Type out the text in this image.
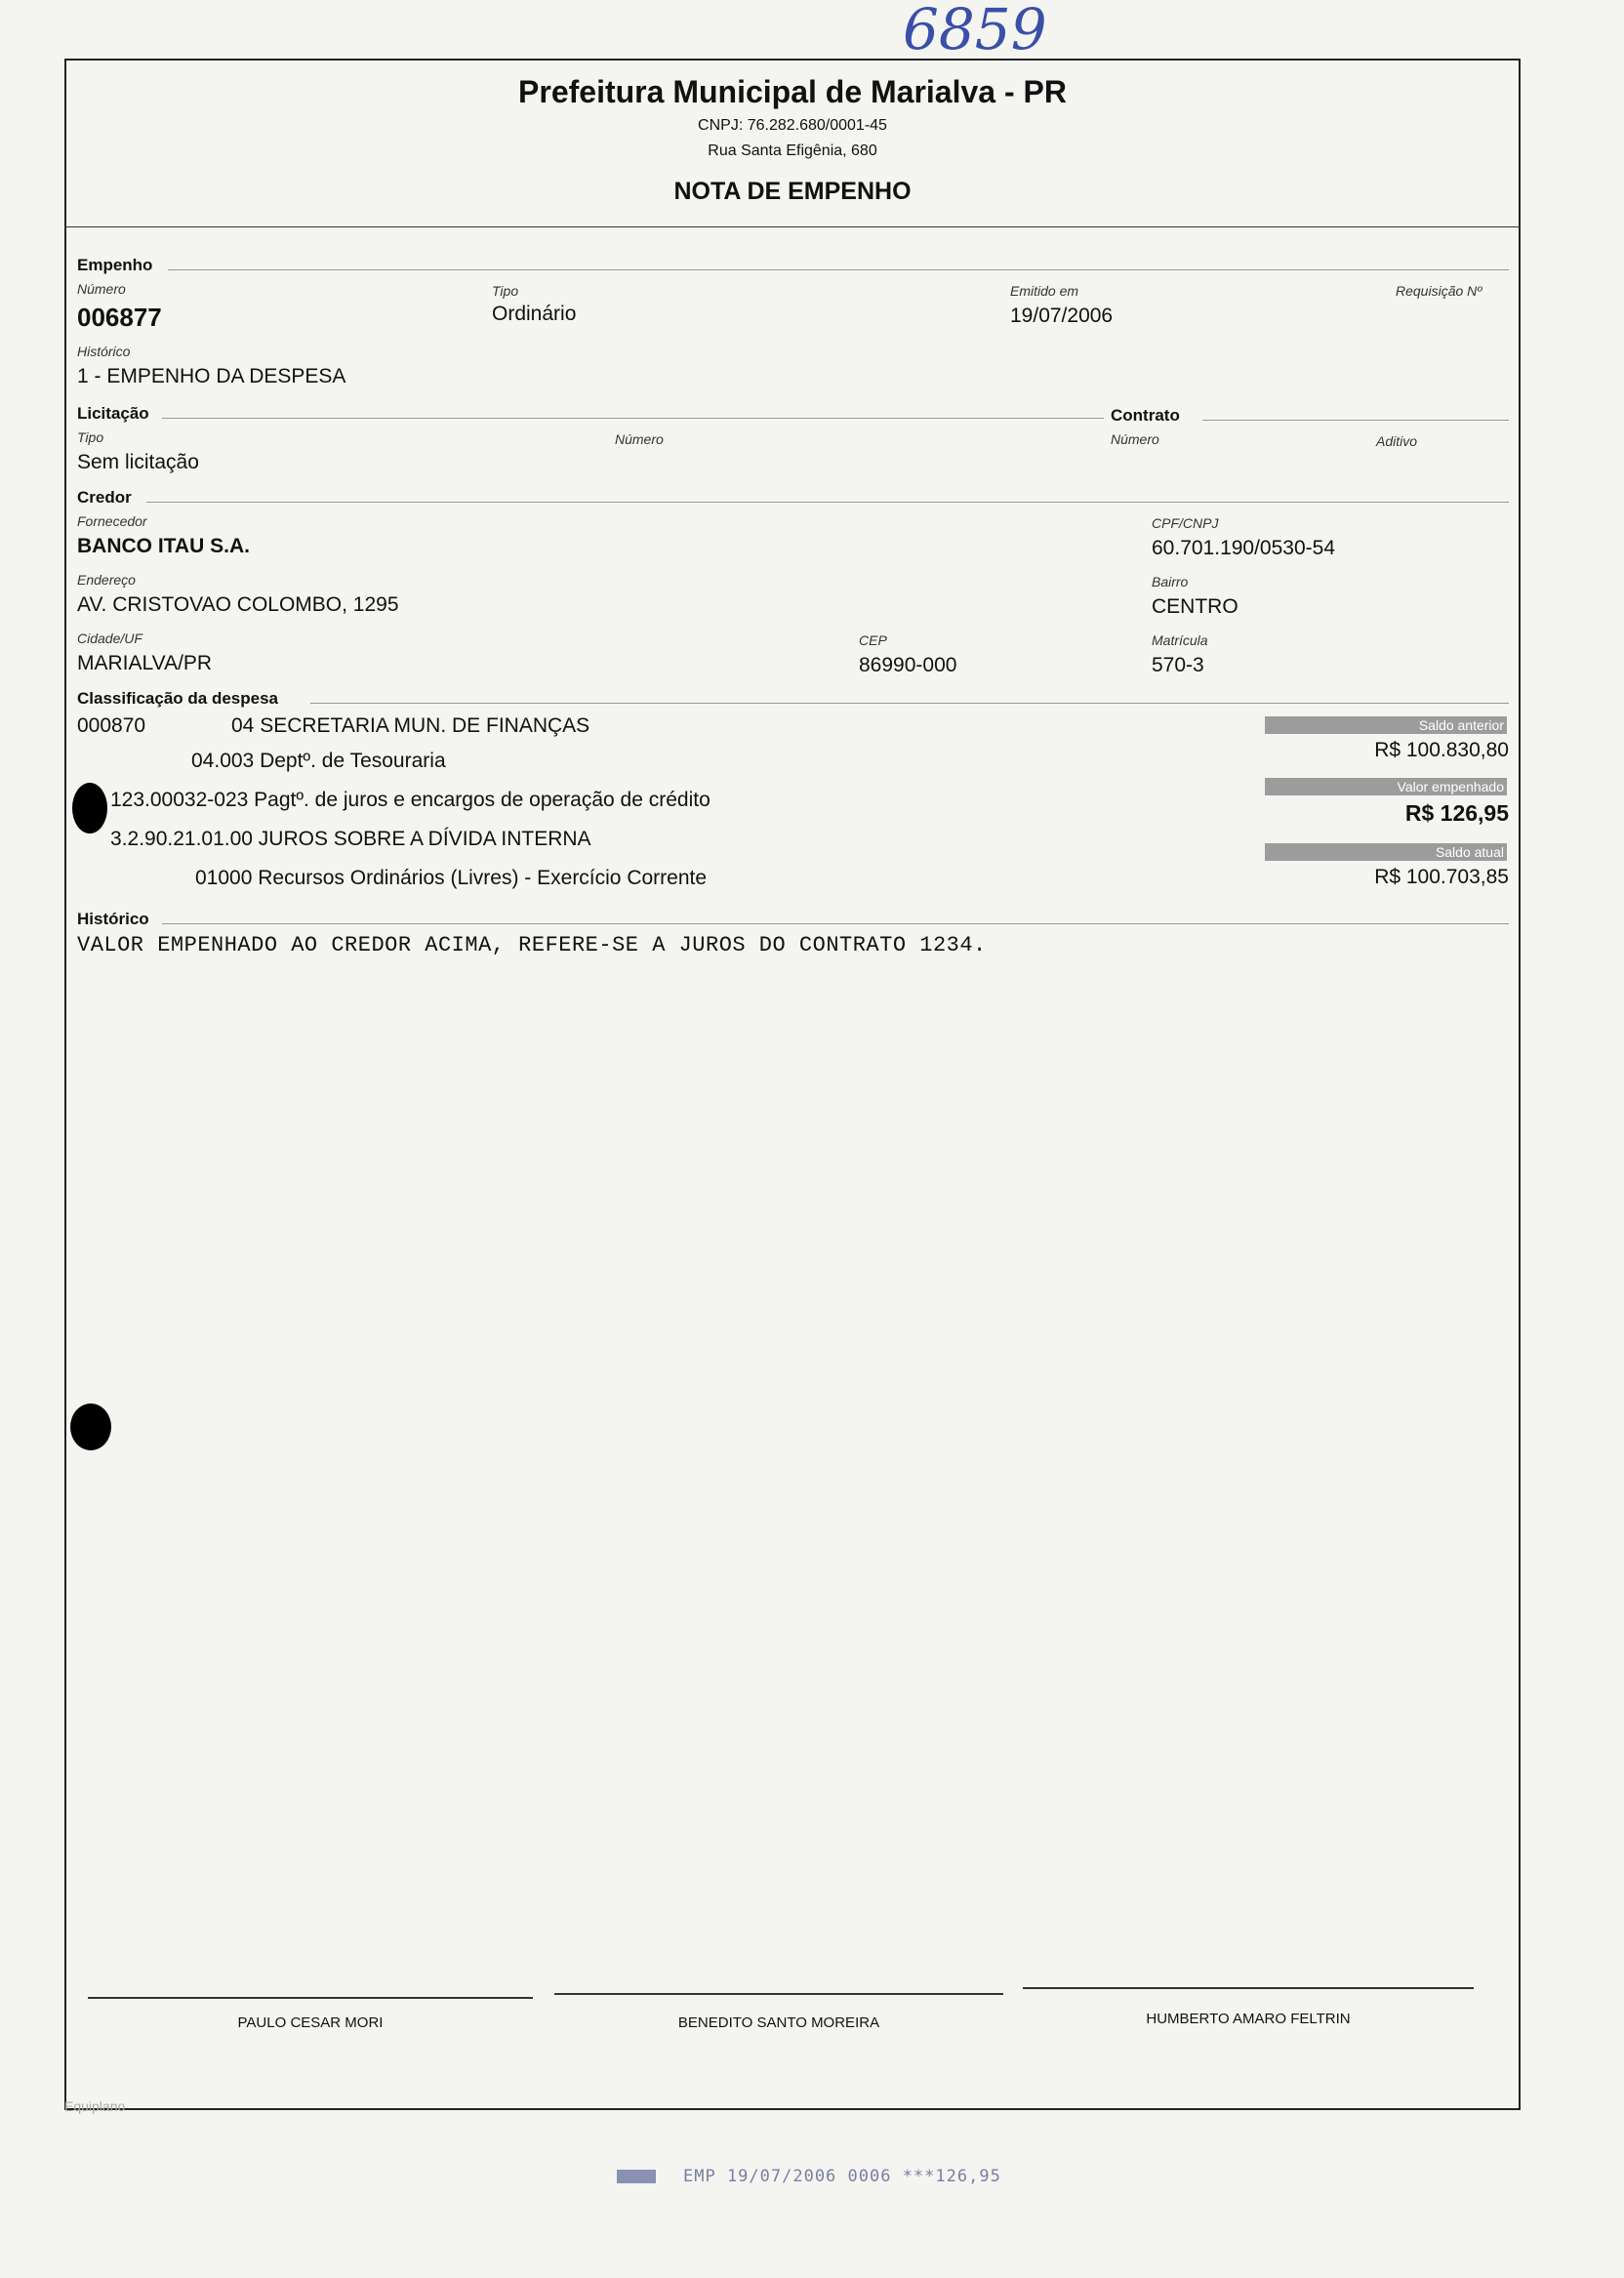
6859
Prefeitura Municipal de Marialva - PR
CNPJ: 76.282.680/0001-45
Rua Santa Efigênia, 680
NOTA DE EMPENHO
Empenho
Número
006877
Tipo
Ordinário
Emitido em
19/07/2006
Requisição Nº
Histórico
1 - EMPENHO DA DESPESA
Licitação
Tipo
Sem licitação
Número
Contrato
Número	Aditivo
Credor
Fornecedor
BANCO ITAU S.A.
CPF/CNPJ
60.701.190/0530-54
Endereço
AV. CRISTOVAO COLOMBO, 1295
Bairro
CENTRO
Cidade/UF
MARIALVA/PR
CEP
86990-000
Matrícula
570-3
Classificação da despesa
000870	04 SECRETARIA MUN. DE FINANÇAS
04.003 Deptº. de Tesouraria
123.00032-023 Pagtº. de juros e encargos de operação de crédito
3.2.90.21.01.00 JUROS SOBRE A DÍVIDA INTERNA
01000 Recursos Ordinários (Livres) - Exercício Corrente
Saldo anterior
R$ 100.830,80
Valor empenhado
R$ 126,95
Saldo atual
R$ 100.703,85
Histórico
VALOR EMPENHADO AO CREDOR ACIMA, REFERE-SE A JUROS DO CONTRATO 1234.
PAULO CESAR MORI	BENEDITO SANTO MOREIRA	HUMBERTO AMARO FELTRIN
Equiplano
EMP 19/07/2006 0006 ***126,95
